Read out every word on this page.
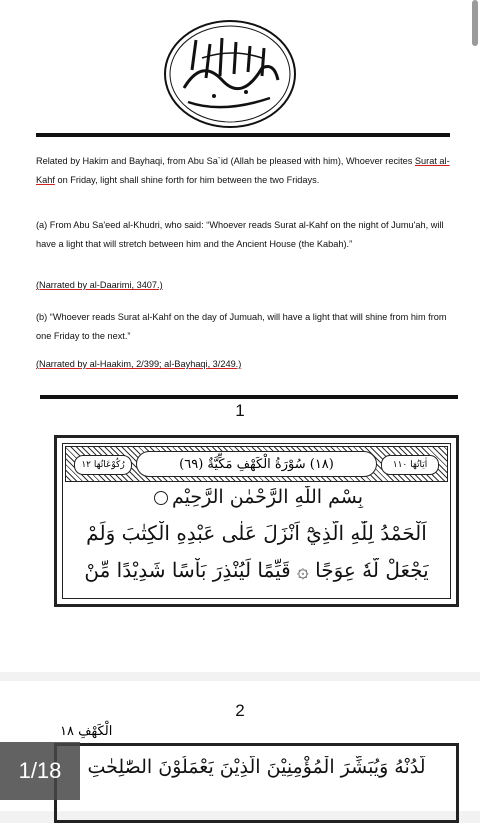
بسم الله الرحمن الرحيم
Related by Hakim and Bayhaqi, from Abu Sa`id (Allah be pleased with him), Whoever recites Surat al-Kahf on Friday, light shall shine forth for him between the two Fridays.
(a) From Abu Sa'eed al-Khudri, who said: “Whoever reads Surat al-Kahf on the night of Jumu'ah, will have a light that will stretch between him and the Ancient House (the Kabah).”
(Narrated by al-Daarimi, 3407.)
(b) “Whoever reads Surat al-Kahf on the day of Jumuah, will have a light that will shine from him from one Friday to the next.”
(Narrated by al-Haakim, 2/399; al-Bayhaqi, 3/249.)
1
اٰيَاتُهَا ١١٠
(١٨) سُوْرَةُ الْكَهْفِ مَكِّيَّةٌ (٦٩)
رُكُوْعَاتُهَا ١٢
بِسْمِ اللّٰهِ الرَّحْمٰنِ الرَّحِيْمِ
اَلْحَمْدُ لِلّٰهِ الَّذِيْٓ اَنْزَلَ عَلٰى عَبْدِهِ الْكِتٰبَ وَلَمْ
يَجْعَلْ لَّهٗ عِوَجًا ۞ قَيِّمًا لِّيُنْذِرَ بَاْسًا شَدِيْدًا مِّنْ
2
الْكَهْفِ ١٨
لَّدُنْهُ وَيُبَشِّرَ الْمُؤْمِنِيْنَ الَّذِيْنَ يَعْمَلُوْنَ الصّٰلِحٰتِ
1/18
